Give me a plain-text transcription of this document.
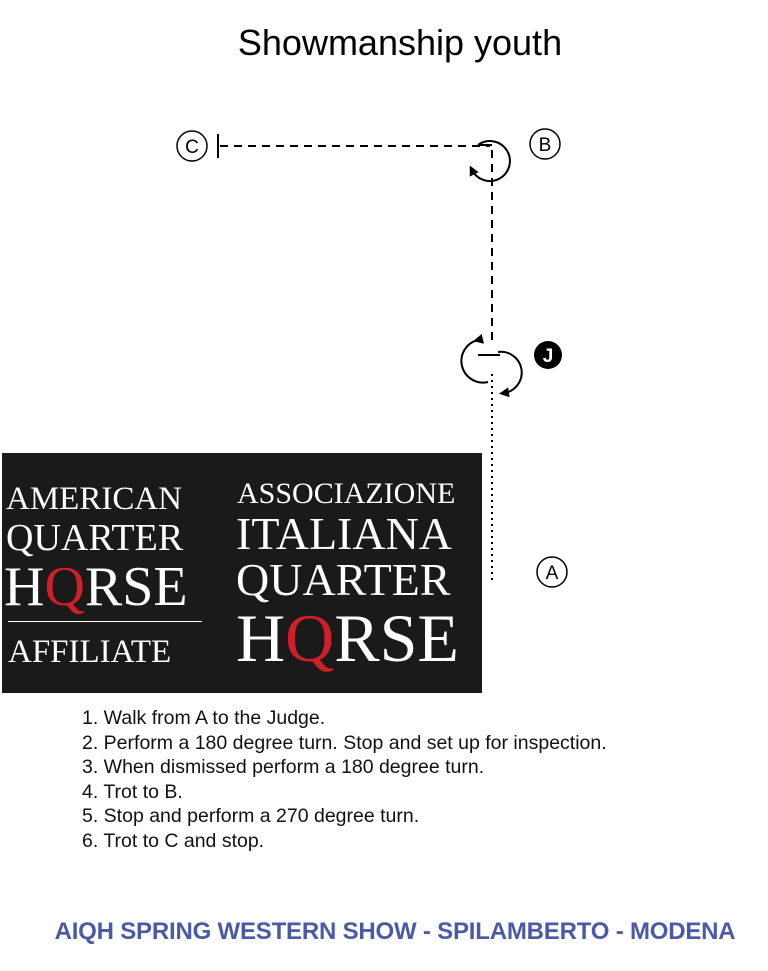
Showmanship youth
C	B
J
A
AMERICAN
QUARTER
HQRSE
AFFILIATE
ASSOCIAZIONE
ITALIANA
QUARTER
HQRSE
1. Walk from A to the Judge.
2. Perform a 180 degree turn. Stop and set up for inspection.
3. When dismissed perform a 180 degree turn.
4. Trot to B.
5. Stop and perform a 270 degree turn.
6. Trot to C and stop.
AIQH SPRING WESTERN SHOW - SPILAMBERTO - MODENA
